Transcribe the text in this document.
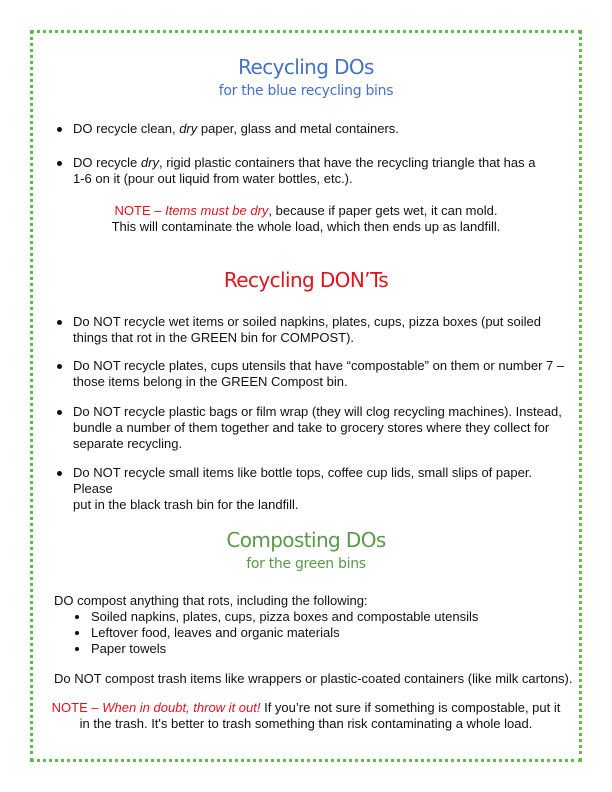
Recycling DOs
for the blue recycling bins
DO recycle clean, dry paper, glass and metal containers.
DO recycle dry, rigid plastic containers that have the recycling triangle that has a
1-6 on it (pour out liquid from water bottles, etc.).
NOTE – Items must be dry, because if paper gets wet, it can mold.
This will contaminate the whole load, which then ends up as landfill.
Recycling DON’Ts
Do NOT recycle wet items or soiled napkins, plates, cups, pizza boxes (put soiled
things that rot in the GREEN bin for COMPOST).
Do NOT recycle plates, cups utensils that have “compostable” on them or number 7 –
those items belong in the GREEN Compost bin.
Do NOT recycle plastic bags or film wrap (they will clog recycling machines). Instead,
bundle a number of them together and take to grocery stores where they collect for
separate recycling.
Do NOT recycle small items like bottle tops, coffee cup lids, small slips of paper. Please
put in the black trash bin for the landfill.
Composting DOs
for the green bins
DO compost anything that rots, including the following:
Soiled napkins, plates, cups, pizza boxes and compostable utensils
Leftover food, leaves and organic materials
Paper towels
Do NOT compost trash items like wrappers or plastic-coated containers (like milk cartons).
NOTE – When in doubt, throw it out! If you’re not sure if something is compostable, put it
in the trash. It's better to trash something than risk contaminating a whole load.
